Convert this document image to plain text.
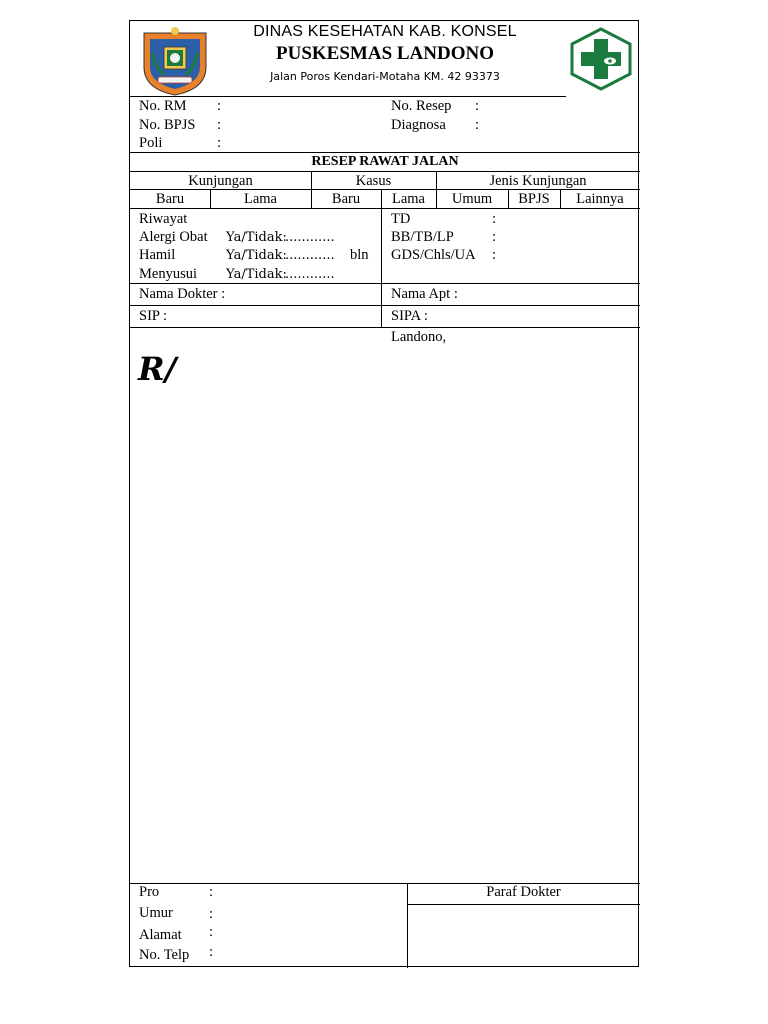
DINAS KESEHATAN KAB. KONSEL
PUSKESMAS LANDONO
Jalan Poros Kendari-Motaha KM. 42 93373
No. RM :
No. BPJS :
Poli	:
No. Resep :
Diagnosa :
RESEP RAWAT JALAN
Kunjungan	Kasus	Jenis Kunjungan
Baru	Lama	Baru	Lama	Umum	BPJS	Lainnya
Riwayat
Alergi Obat Ya/Tidak:
............
Hamil	Ya/Tidak:
............ bln
Menyusui Ya/Tidak:
............
TD	:
BB/TB/LP	:
GDS/Chls/UA :
Nama Dokter :	Nama Apt :
SIP :	SIPA :
Landono,
R/
Pro	:
Umur :
Alamat :
No. Telp :
Paraf Dokter
